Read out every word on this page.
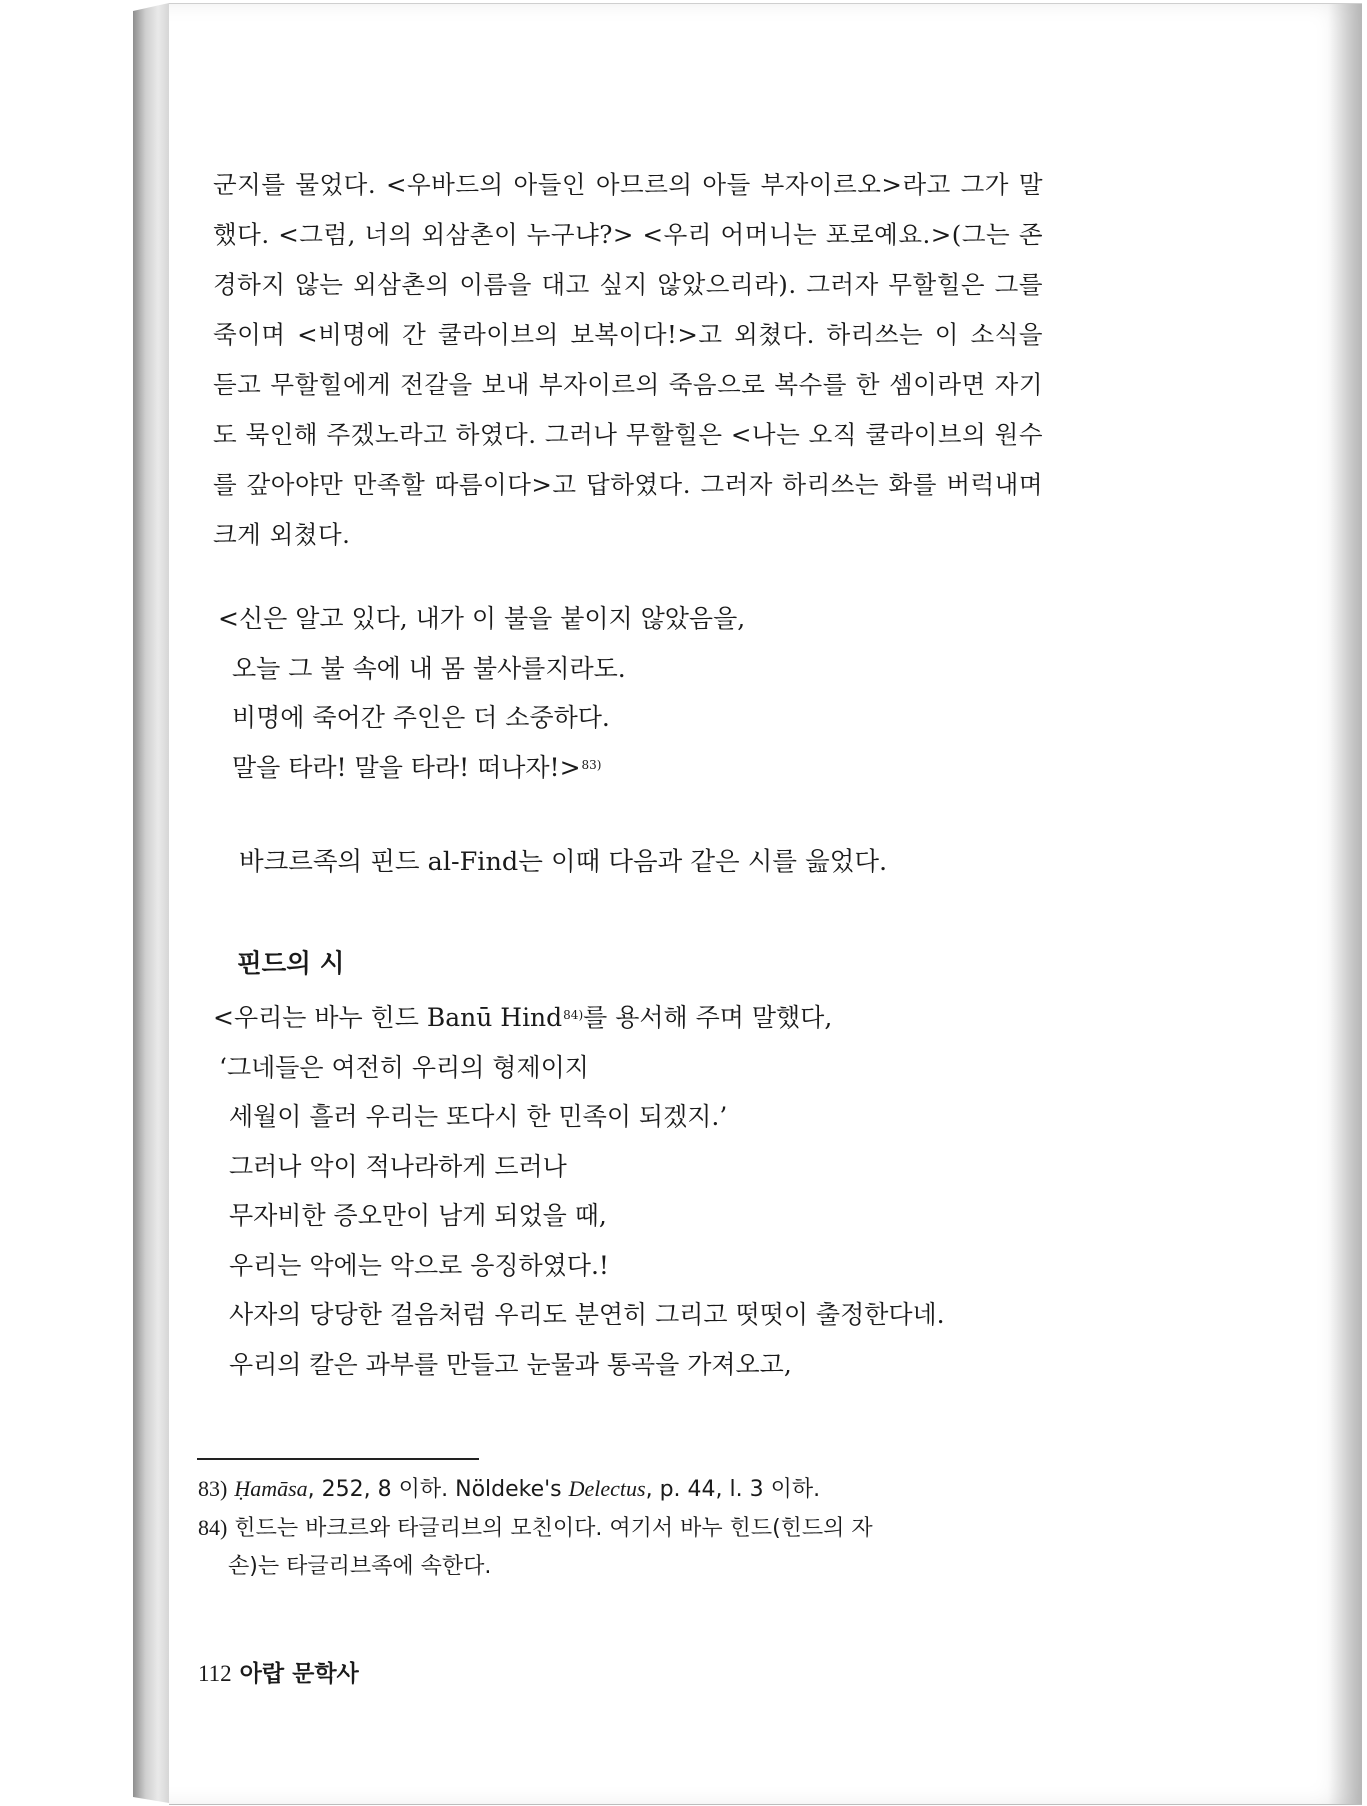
군지를 물었다. <우바드의 아들인 아므르의 아들 부자이르오>라고 그가 말했다. <그럼, 너의 외삼촌이 누구냐?> <우리 어머니는 포로예요.>(그는 존경하지 않는 외삼촌의 이름을 대고 싶지 않았으리라). 그러자 무할힐은 그를 죽이며 <비명에 간 쿨라이브의 보복이다!>고 외쳤다. 하리쓰는 이 소식을 듣고 무할힐에게 전갈을 보내 부자이르의 죽음으로 복수를 한 셈이라면 자기도 묵인해 주겠노라고 하였다. 그러나 무할힐은 <나는 오직 쿨라이브의 원수를 갚아야만 만족할 따름이다>고 답하였다. 그러자 하리쓰는 화를 버럭내며 크게 외쳤다.

<신은 알고 있다, 내가 이 불을 붙이지 않았음을,
오늘 그 불 속에 내 몸 불사를지라도.
비명에 죽어간 주인은 더 소중하다.
말을 타라! 말을 타라! 떠나자!>$^{83)}$
바크르족의 핀드 al-Find는 이때 다음과 같은 시를 읊었다.
핀드의 시
<우리는 바누 힌드 Banū Hind$^{84)}$를 용서해 주며 말했다,
‘그네들은 여전히 우리의 형제이지
세월이 흘러 우리는 또다시 한 민족이 되겠지.’
그러나 악이 적나라하게 드러나
무자비한 증오만이 남게 되었을 때,
우리는 악에는 악으로 응징하였다.!
사자의 당당한 걸음처럼 우리도 분연히 그리고 떳떳이 출정한다네.
우리의 칼은 과부를 만들고 눈물과 통곡을 가져오고,

83) Ḥamāsa, 252, 8 이하. Nöldeke's Delectus, p. 44, l. 3 이하.

84) 힌드는 바크르와 타글리브의 모친이다. 여기서 바누 힌드(힌드의 자

손)는 타글리브족에 속한다.

112 아랍 문학사
